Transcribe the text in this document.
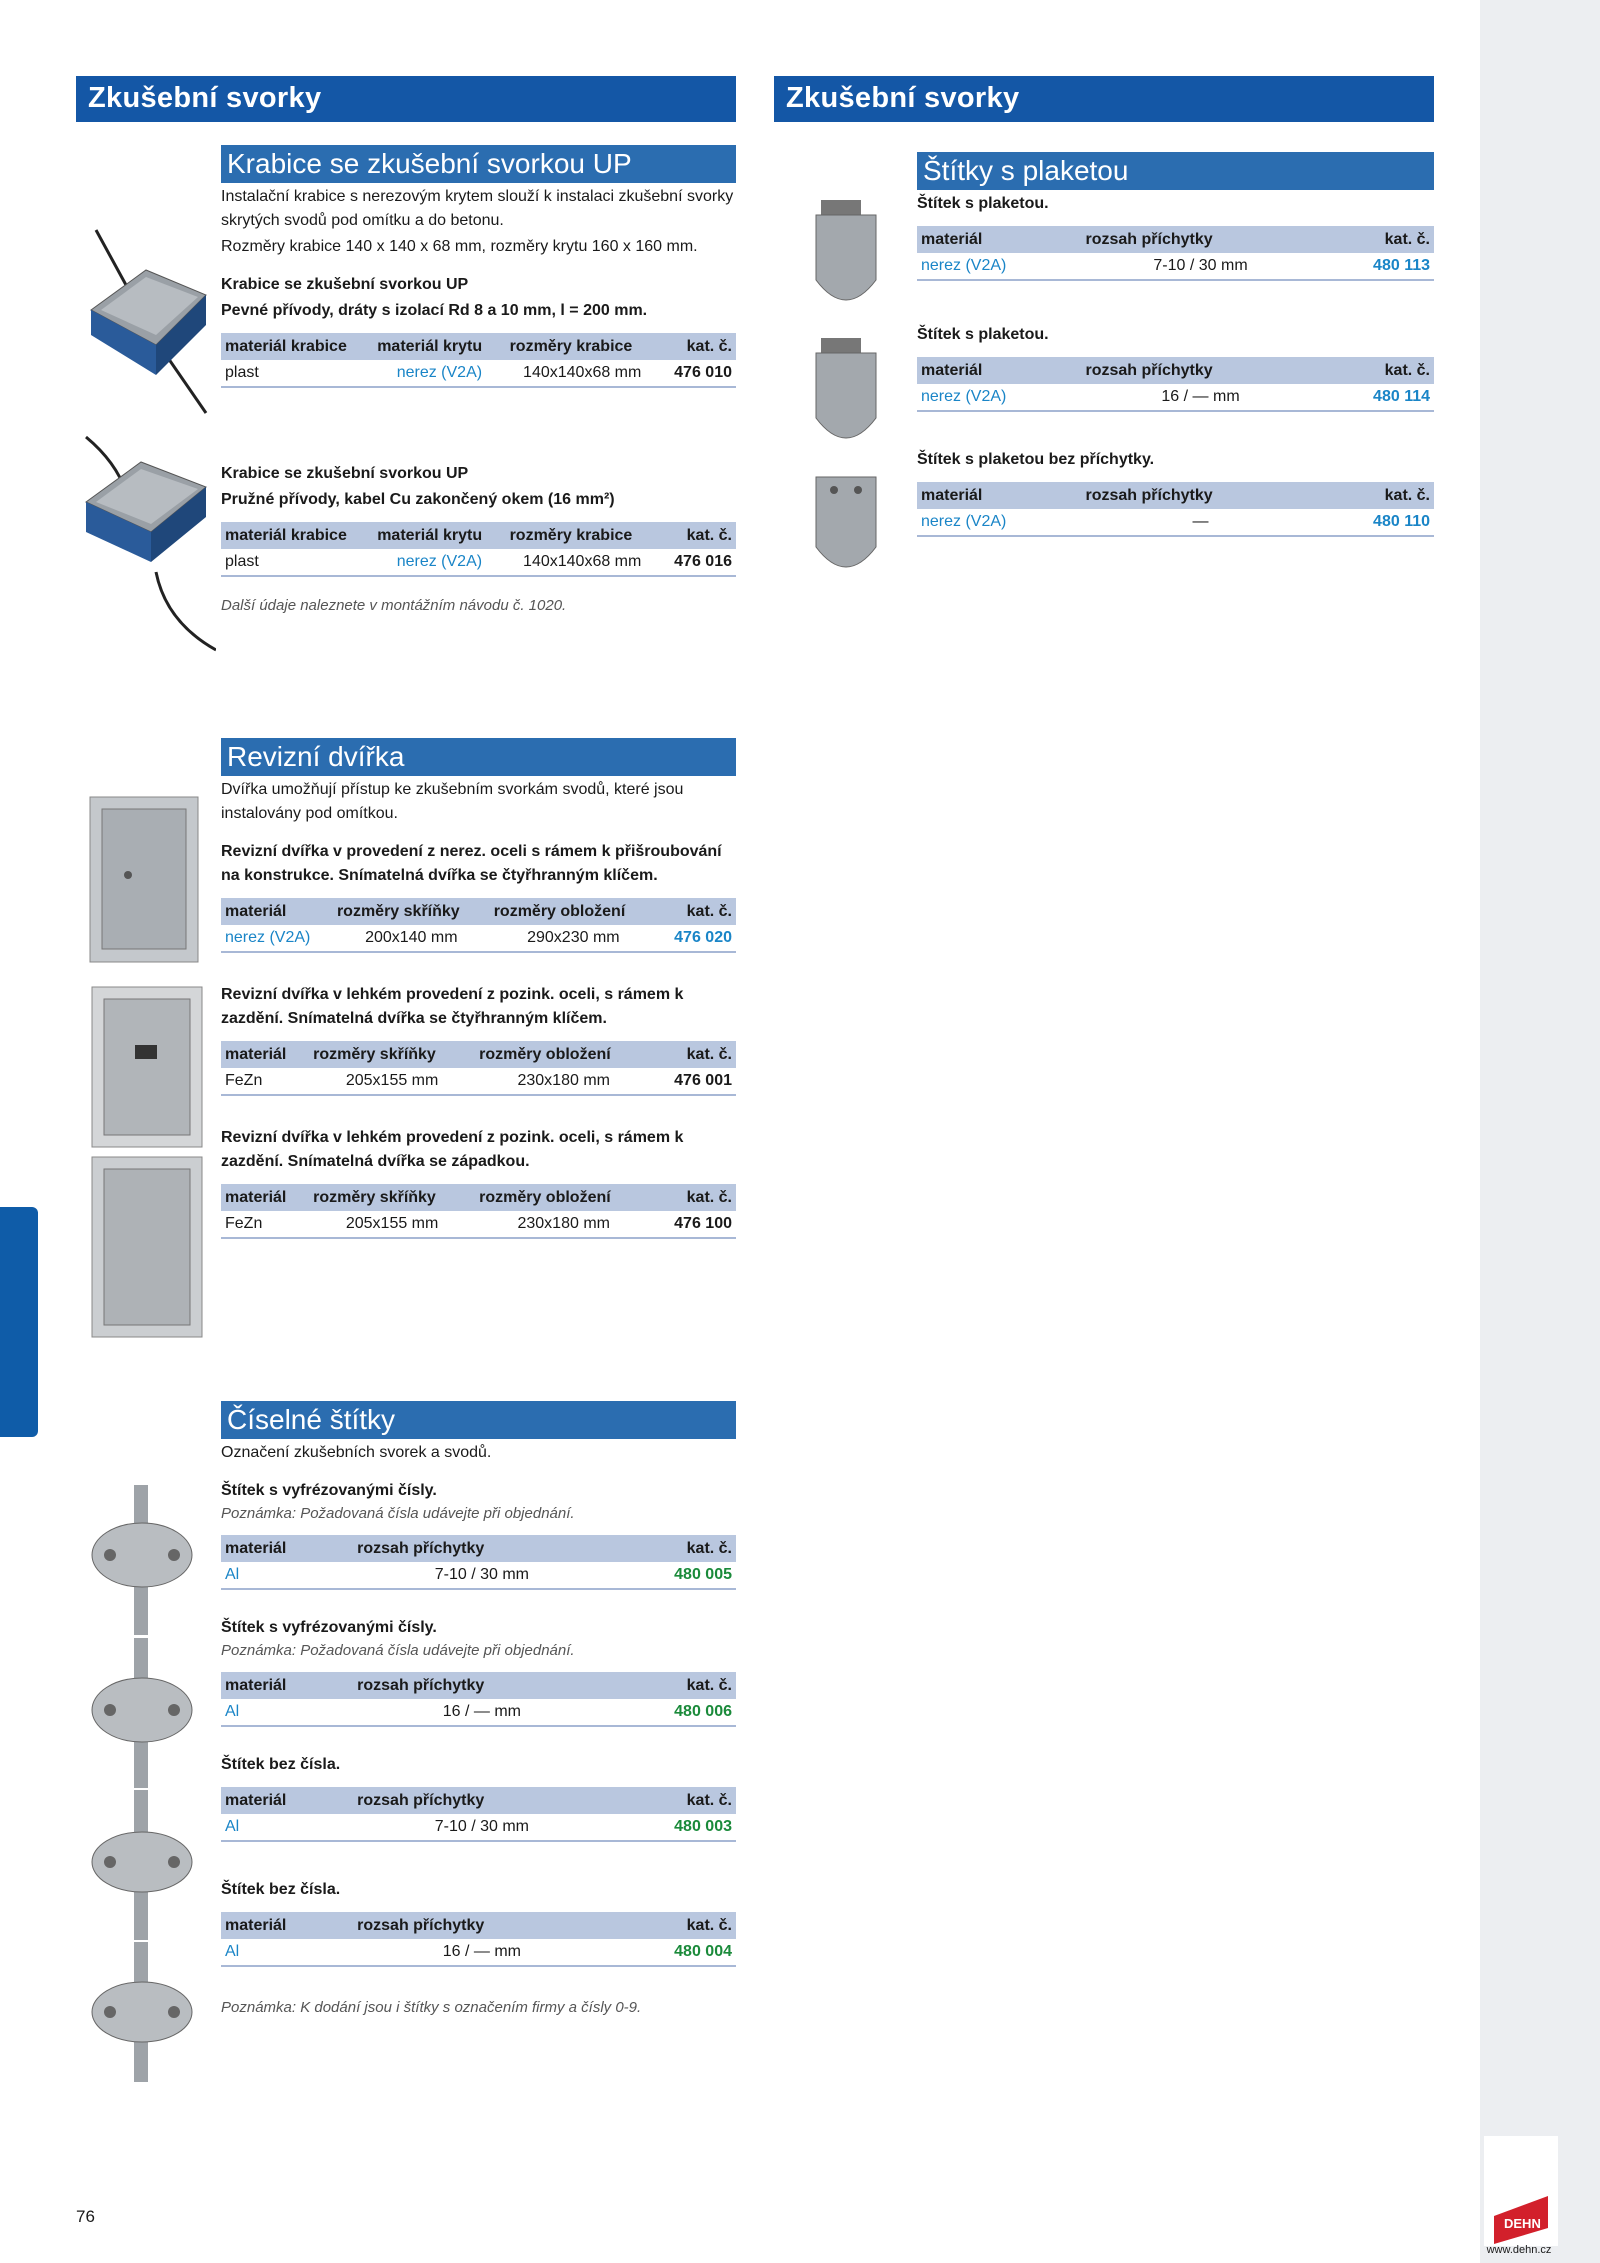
Zkušební svorky	Zkušební svorky
Krabice se zkušební svorkou UP

Instalační krabice s nerezovým krytem slouží k instalaci zkušební svorky skrytých svodů pod omítku a do betonu.

Rozměry krabice 140 x 140 x 68 mm, rozměry krytu 160 x 160 mm.

Krabice se zkušební svorkou UP

Pevné přívody, dráty s izolací Rd 8 a 10 mm, l = 200 mm.

materiál krabice	materiál krytu	rozměry krabice	kat. č.
plast	nerez (V2A)	140x140x68 mm	476 010

Krabice se zkušební svorkou UP

Pružné přívody, kabel Cu zakončený okem (16 mm²)

materiál krabice	materiál krytu	rozměry krabice	kat. č.
plast	nerez (V2A)	140x140x68 mm	476 016

Další údaje naleznete v montážním návodu č. 1020.

Štítky s plaketou

Štítek s plaketou.

materiál	rozsah příchytky	kat. č.
nerez (V2A)	7-10 / 30 mm	480 113

Štítek s plaketou.

materiál	rozsah příchytky	kat. č.
nerez (V2A)	16 / — mm	480 114

Štítek s plaketou bez příchytky.

materiál	rozsah příchytky	kat. č.
nerez (V2A)	—	480 110
Revizní dvířka

Dvířka umožňují přístup ke zkušebním svorkám svodů, které jsou instalovány pod omítkou.

Revizní dvířka v provedení z nerez. oceli s rámem k přišroubování na konstrukce. Snímatelná dvířka se čtyřhranným klíčem.

materiál	rozměry skříňky	rozměry obložení	kat. č.
nerez (V2A)	200x140 mm	290x230 mm	476 020

Revizní dvířka v lehkém provedení z pozink. oceli, s rámem k zazdění. Snímatelná dvířka se čtyřhranným klíčem.

materiál	rozměry skříňky	rozměry obložení	kat. č.
FeZn	205x155 mm	230x180 mm	476 001

Revizní dvířka v lehkém provedení z pozink. oceli, s rámem k zazdění. Snímatelná dvířka se západkou.

materiál	rozměry skříňky	rozměry obložení	kat. č.
FeZn	205x155 mm	230x180 mm	476 100
Číselné štítky

Označení zkušebních svorek a svodů.

Štítek s vyfrézovanými čísly.

Poznámka: Požadovaná čísla udávejte při objednání.

materiál	rozsah příchytky	kat. č.
Al	7-10 / 30 mm	480 005

Štítek s vyfrézovanými čísly.

Poznámka: Požadovaná čísla udávejte při objednání.

materiál	rozsah příchytky	kat. č.
Al	16 / — mm	480 006

Štítek bez čísla.

materiál	rozsah příchytky	kat. č.
Al	7-10 / 30 mm	480 003

Štítek bez čísla.

materiál	rozsah příchytky	kat. č.
Al	16 / — mm	480 004

Poznámka: K dodání jsou i štítky s označením firmy a čísly 0-9.

76	DEHN
www.dehn.cz
